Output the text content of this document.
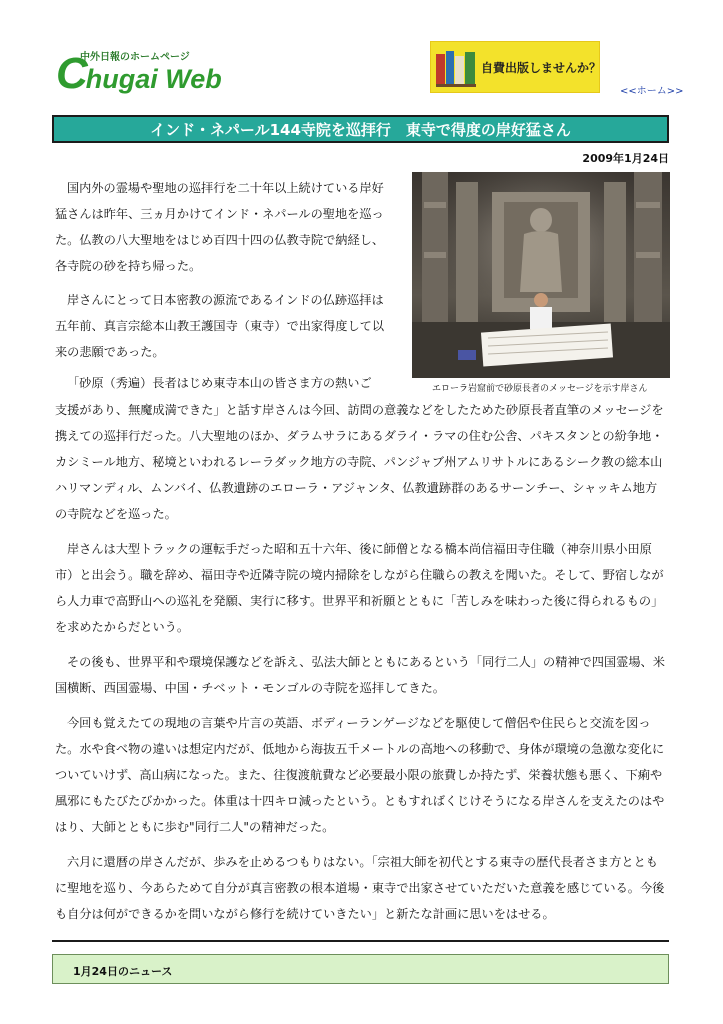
中外日報のホームページ
Chugai Web	自費出版しませんか？
<<ホーム>>
インド・ネパール144寺院を巡拝行　東寺で得度の岸好猛さん
2009年1月24日
エローラ岩窟前で砂原長者のメッセージを示す岸さん

国内外の霊場や聖地の巡拝行を二十年以上続けている岸好猛さんは昨年、三ヵ月かけてインド・ネパールの聖地を巡った。仏教の八大聖地をはじめ百四十四の仏教寺院で納経し、各寺院の砂を持ち帰った。

岸さんにとって日本密教の源流であるインドの仏跡巡拝は五年前、真言宗総本山教王護国寺（東寺）で出家得度して以来の悲願であった。

「砂原（秀遍）長者はじめ東寺本山の皆さま方の熱いご

支援があり、無魔成満できた」と話す岸さんは今回、訪問の意義などをしたためた砂原長者直筆のメッセージを携えての巡拝行だった。八大聖地のほか、ダラムサラにあるダライ・ラマの住む公舎、パキスタンとの紛争地・カシミール地方、秘境といわれるレーラダック地方の寺院、パンジャブ州アムリサトルにあるシーク教の総本山ハリマンディル、ムンバイ、仏教遺跡のエローラ・アジャンタ、仏教遺跡群のあるサーンチー、シャッキム地方の寺院などを巡った。

岸さんは大型トラックの運転手だった昭和五十六年、後に師僧となる橋本尚信福田寺住職（神奈川県小田原市）と出会う。職を辞め、福田寺や近隣寺院の境内掃除をしながら住職らの教えを聞いた。そして、野宿しながら人力車で高野山への巡礼を発願、実行に移す。世界平和祈願とともに「苦しみを味わった後に得られるもの」を求めたからだという。

その後も、世界平和や環境保護などを訴え、弘法大師とともにあるという「同行二人」の精神で四国霊場、米国横断、西国霊場、中国・チベット・モンゴルの寺院を巡拝してきた。

今回も覚えたての現地の言葉や片言の英語、ボディーランゲージなどを駆使して僧侶や住民らと交流を図った。水や食べ物の違いは想定内だが、低地から海抜五千メートルの高地への移動で、身体が環境の急激な変化についていけず、高山病になった。また、往復渡航費など必要最小限の旅費しか持たず、栄養状態も悪く、下痢や風邪にもたびたびかかった。体重は十四キロ減ったという。ともすればくじけそうになる岸さんを支えたのはやはり、大師とともに歩む"同行二人"の精神だった。

六月に還暦の岸さんだが、歩みを止めるつもりはない。「宗祖大師を初代とする東寺の歴代長者さま方とともに聖地を巡り、今あらためて自分が真言密教の根本道場・東寺で出家させていただいた意義を感じている。今後も自分は何ができるかを問いながら修行を続けていきたい」と新たな計画に思いをはせる。

1月24日のニュース
